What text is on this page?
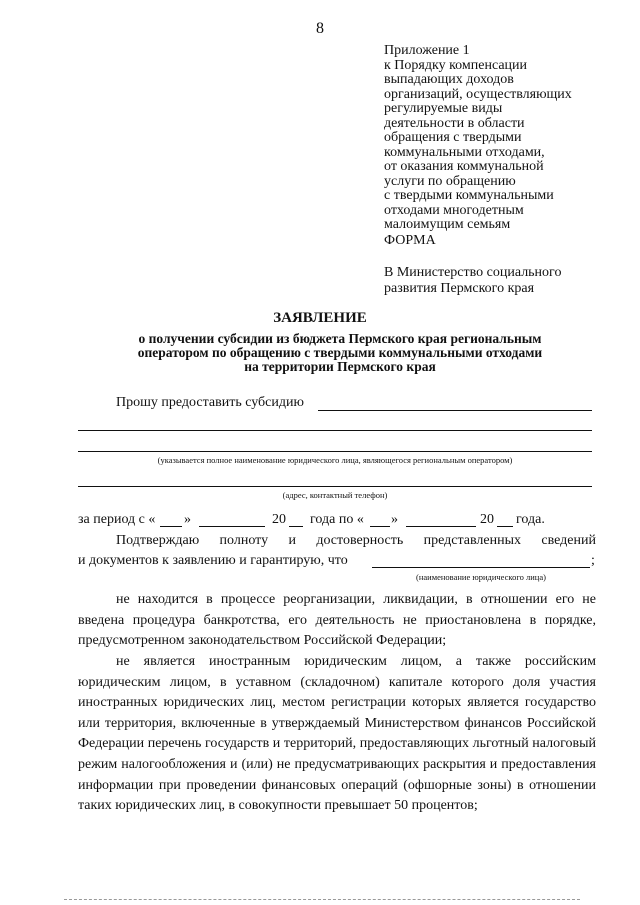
8
Приложение 1
к Порядку компенсации
выпадающих доходов
организаций, осуществляющих
регулируемые виды
деятельности в области
обращения с твердыми
коммунальными отходами,
от оказания коммунальной
услуги по обращению
с твердыми коммунальными
отходами многодетным
малоимущим семьям
ФОРМА
В Министерство социального
развития Пермского края
ЗАЯВЛЕНИЕ
о получении субсидии из бюджета Пермского края региональным
оператором по обращению с твердыми коммунальными отходами
на территории Пермского края
Прошу предоставить субсидию
(указывается полное наименование юридического лица, являющегося региональным оператором)
(адрес, контактный телефон)
за период с « »	20 года по « »	20 года.
Подтверждаю полноту и достоверность представленных сведений
и документов к заявлению и гарантирую, что	;
(наименование юридического лица)

не находится в процессе реорганизации, ликвидации, в отношении его не введена процедура банкротства, его деятельность не приостановлена в порядке, предусмотренном законодательством Российской Федерации;

не является иностранным юридическим лицом, а также российским юридическим лицом, в уставном (складочном) капитале которого доля участия иностранных юридических лиц, местом регистрации которых является государство или территория, включенные в утверждаемый Министерством финансов Российской Федерации перечень государств и территорий, предоставляющих льготный налоговый режим налогообложения и (или) не предусматривающих раскрытия и предоставления информации при проведении финансовых операций (офшорные зоны) в отношении таких юридических лиц, в совокупности превышает 50 процентов;
